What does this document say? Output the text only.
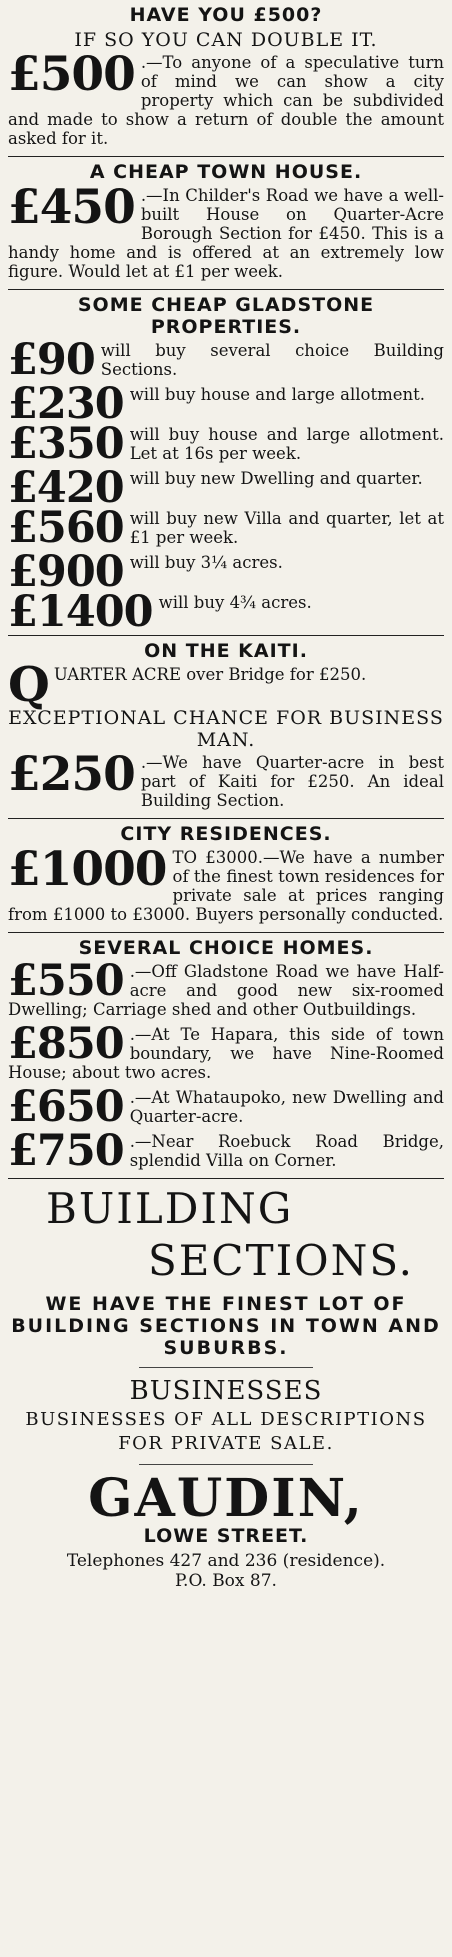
HAVE YOU £500?
IF SO YOU CAN DOUBLE IT.
£500 .—To anyone of a speculative turn of mind we can show a city property which can be subdivided and made to show a return of double the amount asked for it.
A CHEAP TOWN HOUSE.
£450 .—In Childer's Road we have a well-built House on Quarter-Acre Borough Section for £450. This is a handy home and is offered at an extremely low figure. Would let at £1 per week.
SOME CHEAP GLADSTONE PROPERTIES.
£90 will buy several choice Building Sections.
£230 will buy house and large allotment.
£350 will buy house and large allotment. Let at 16s per week.
£420 will buy new Dwelling and quarter.
£560 will buy new Villa and quarter, let at £1 per week.
£900 will buy 3¼ acres.
£1400 will buy 4¾ acres.
ON THE KAITI.
Q UARTER ACRE over Bridge for £250.
EXCEPTIONAL CHANCE FOR BUSINESS MAN.
£250 .—We have Quarter-acre in best part of Kaiti for £250. An ideal Building Section.
CITY RESIDENCES.
£1000 TO £3000.—We have a number of the finest town residences for private sale at prices ranging from £1000 to £3000. Buyers personally conducted.
SEVERAL CHOICE HOMES.
£550 .—Off Gladstone Road we have Half-acre and good new six-roomed Dwelling; Carriage shed and other Outbuildings.
£850 .—At Te Hapara, this side of town boundary, we have Nine-Roomed House; about two acres.
£650 .—At Whataupoko, new Dwelling and Quarter-acre.
£750 .—Near Roebuck Road Bridge, splendid Villa on Corner.
BUILDING
SECTIONS.
WE HAVE THE FINEST LOT OF BUILDING SECTIONS IN TOWN AND SUBURBS.
BUSINESSES
BUSINESSES OF ALL DESCRIPTIONS FOR PRIVATE SALE.
GAUDIN,
LOWE STREET.
Telephones 427 and 236 (residence).
P.O. Box 87.
